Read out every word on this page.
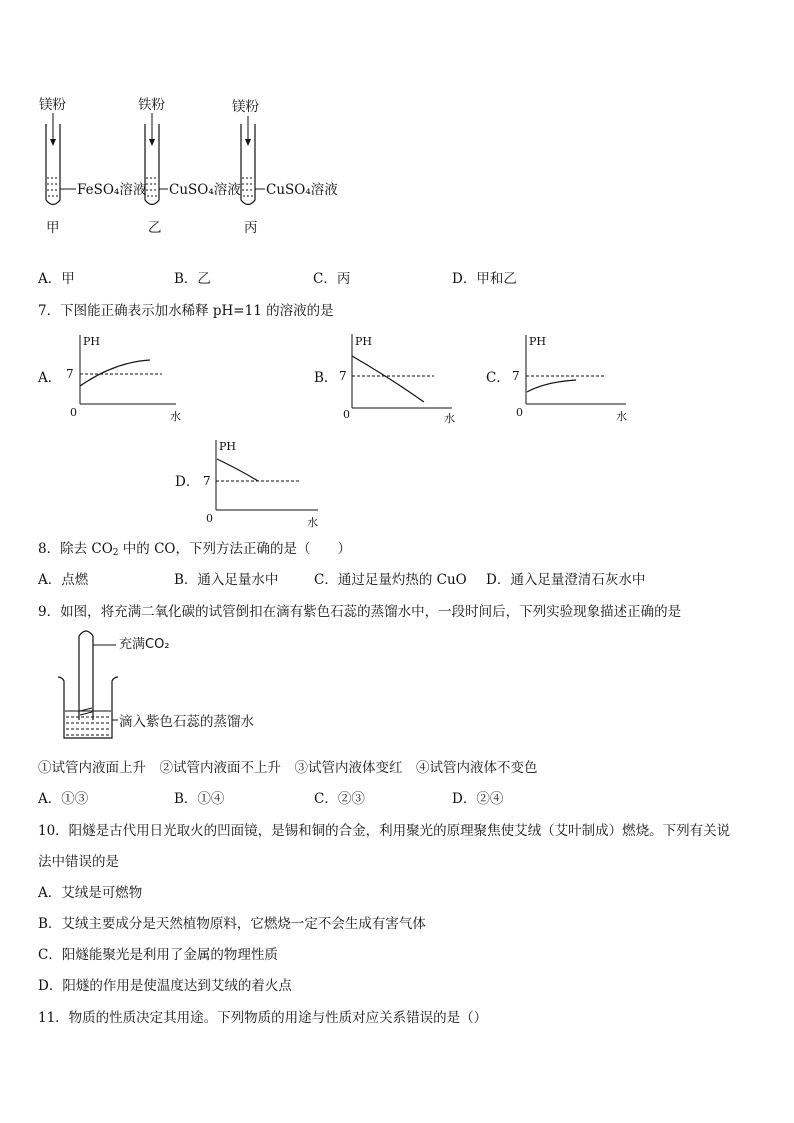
镁粉	铁粉	镁粉
FeSO₄溶液 CuSO₄溶液 CuSO₄溶液
甲	乙	丙
A．甲	B．乙	C．丙	D．甲和乙
7．下图能正确表示加水稀释 pH=11 的溶液的是
A．	B．	C．
D．
PH
7
0	水
PH
7
0	水
PH
7
0	水
PH
7
0	水
8．除去 $CO_2$ 中的 CO，下列方法正确的是（　　）
A．点燃	B．通入足量水中	C．通过足量灼热的 CuO D．通入足量澄清石灰水中
9．如图，将充满二氧化碳的试管倒扣在滴有紫色石蕊的蒸馏水中，一段时间后，下列实验现象描述正确的是
充满CO₂
滴入紫色石蕊的蒸馏水
①试管内液面上升　②试管内液面不上升　③试管内液体变红　④试管内液体不变色
A．①③	B．①④	C．②③	D．②④
10．阳燧是古代用日光取火的凹面镜，是锡和铜的合金，利用聚光的原理聚焦使艾绒（艾叶制成）燃烧。下列有关说
法中错误的是
A．艾绒是可燃物
B．艾绒主要成分是天然植物原料，它燃烧一定不会生成有害气体
C．阳燧能聚光是利用了金属的物理性质
D．阳燧的作用是使温度达到艾绒的着火点
11．物质的性质决定其用途。下列物质的用途与性质对应关系错误的是（）
